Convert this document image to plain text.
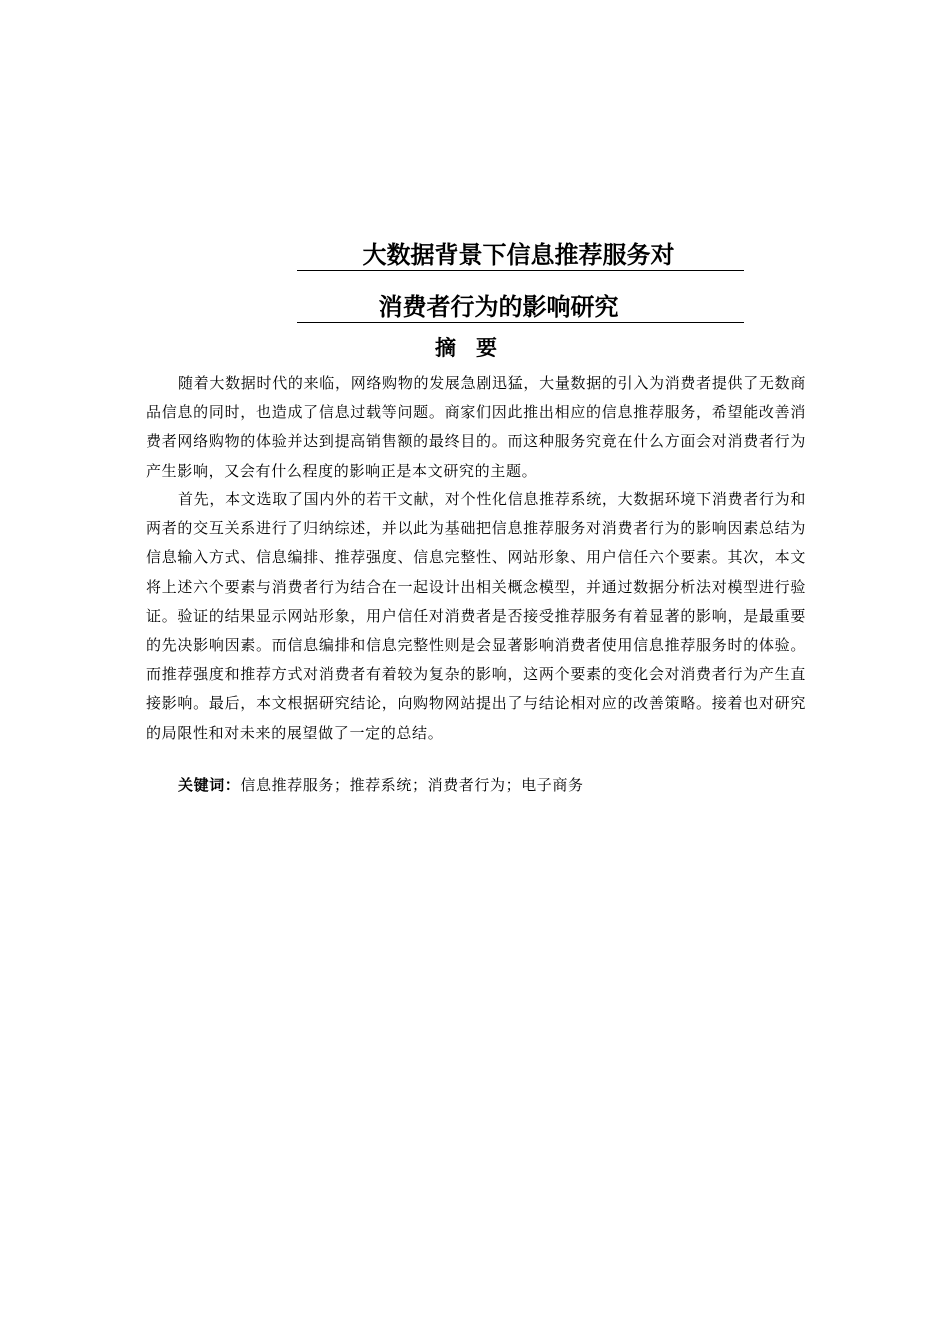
大数据背景下信息推荐服务对
消费者行为的影响研究
摘要

随着大数据时代的来临，网络购物的发展急剧迅猛，大量数据的引入为消费者提供了无数商品信息的同时，也造成了信息过载等问题。商家们因此推出相应的信息推荐服务，希望能改善消费者网络购物的体验并达到提高销售额的最终目的。而这种服务究竟在什么方面会对消费者行为产生影响，又会有什么程度的影响正是本文研究的主题。

首先，本文选取了国内外的若干文献，对个性化信息推荐系统，大数据环境下消费者行为和两者的交互关系进行了归纳综述，并以此为基础把信息推荐服务对消费者行为的影响因素总结为信息输入方式、信息编排、推荐强度、信息完整性、网站形象、用户信任六个要素。其次，本文将上述六个要素与消费者行为结合在一起设计出相关概念模型，并通过数据分析法对模型进行验证。验证的结果显示网站形象，用户信任对消费者是否接受推荐服务有着显著的影响，是最重要的先决影响因素。而信息编排和信息完整性则是会显著影响消费者使用信息推荐服务时的体验。而推荐强度和推荐方式对消费者有着较为复杂的影响，这两个要素的变化会对消费者行为产生直接影响。最后，本文根据研究结论，向购物网站提出了与结论相对应的改善策略。接着也对研究的局限性和对未来的展望做了一定的总结。

关键词：信息推荐服务；推荐系统；消费者行为；电子商务
